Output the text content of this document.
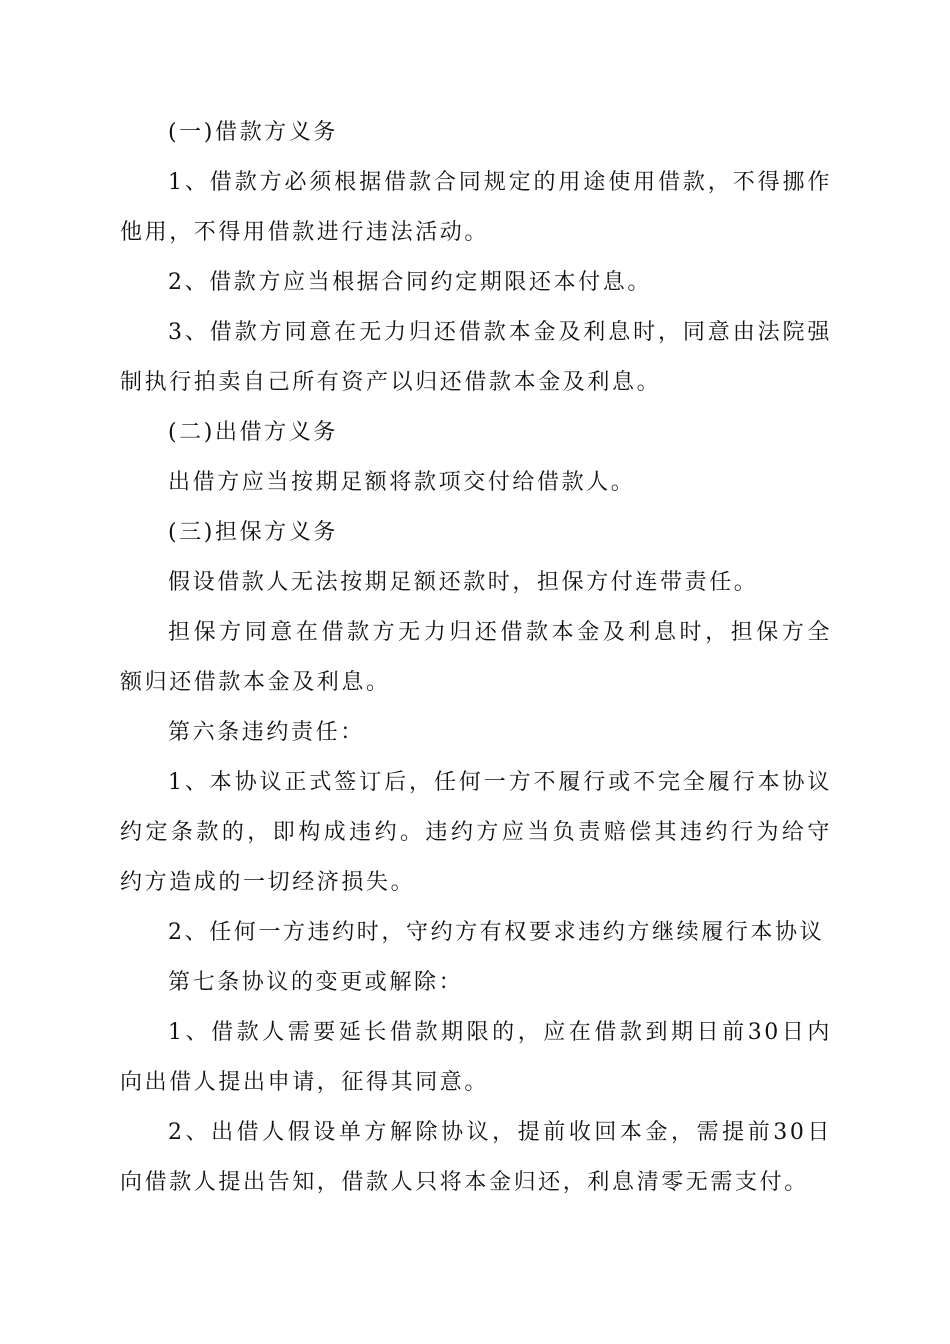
(一)借款方义务

1、借款方必须根据借款合同规定的用途使用借款，不得挪作他用，不得用借款进行违法活动。

2、借款方应当根据合同约定期限还本付息。

3、借款方同意在无力归还借款本金及利息时，同意由法院强制执行拍卖自己所有资产以归还借款本金及利息。

(二)出借方义务

出借方应当按期足额将款项交付给借款人。

(三)担保方义务

假设借款人无法按期足额还款时，担保方付连带责任。

担保方同意在借款方无力归还借款本金及利息时，担保方全额归还借款本金及利息。

第六条违约责任：

1、本协议正式签订后，任何一方不履行或不完全履行本协议约定条款的，即构成违约。违约方应当负责赔偿其违约行为给守约方造成的一切经济损失。

2、任何一方违约时，守约方有权要求违约方继续履行本协议

第七条协议的变更或解除：

1、借款人需要延长借款期限的，应在借款到期日前30日内向出借人提出申请，征得其同意。

2、出借人假设单方解除协议，提前收回本金，需提前30日向借款人提出告知，借款人只将本金归还，利息清零无需支付。
